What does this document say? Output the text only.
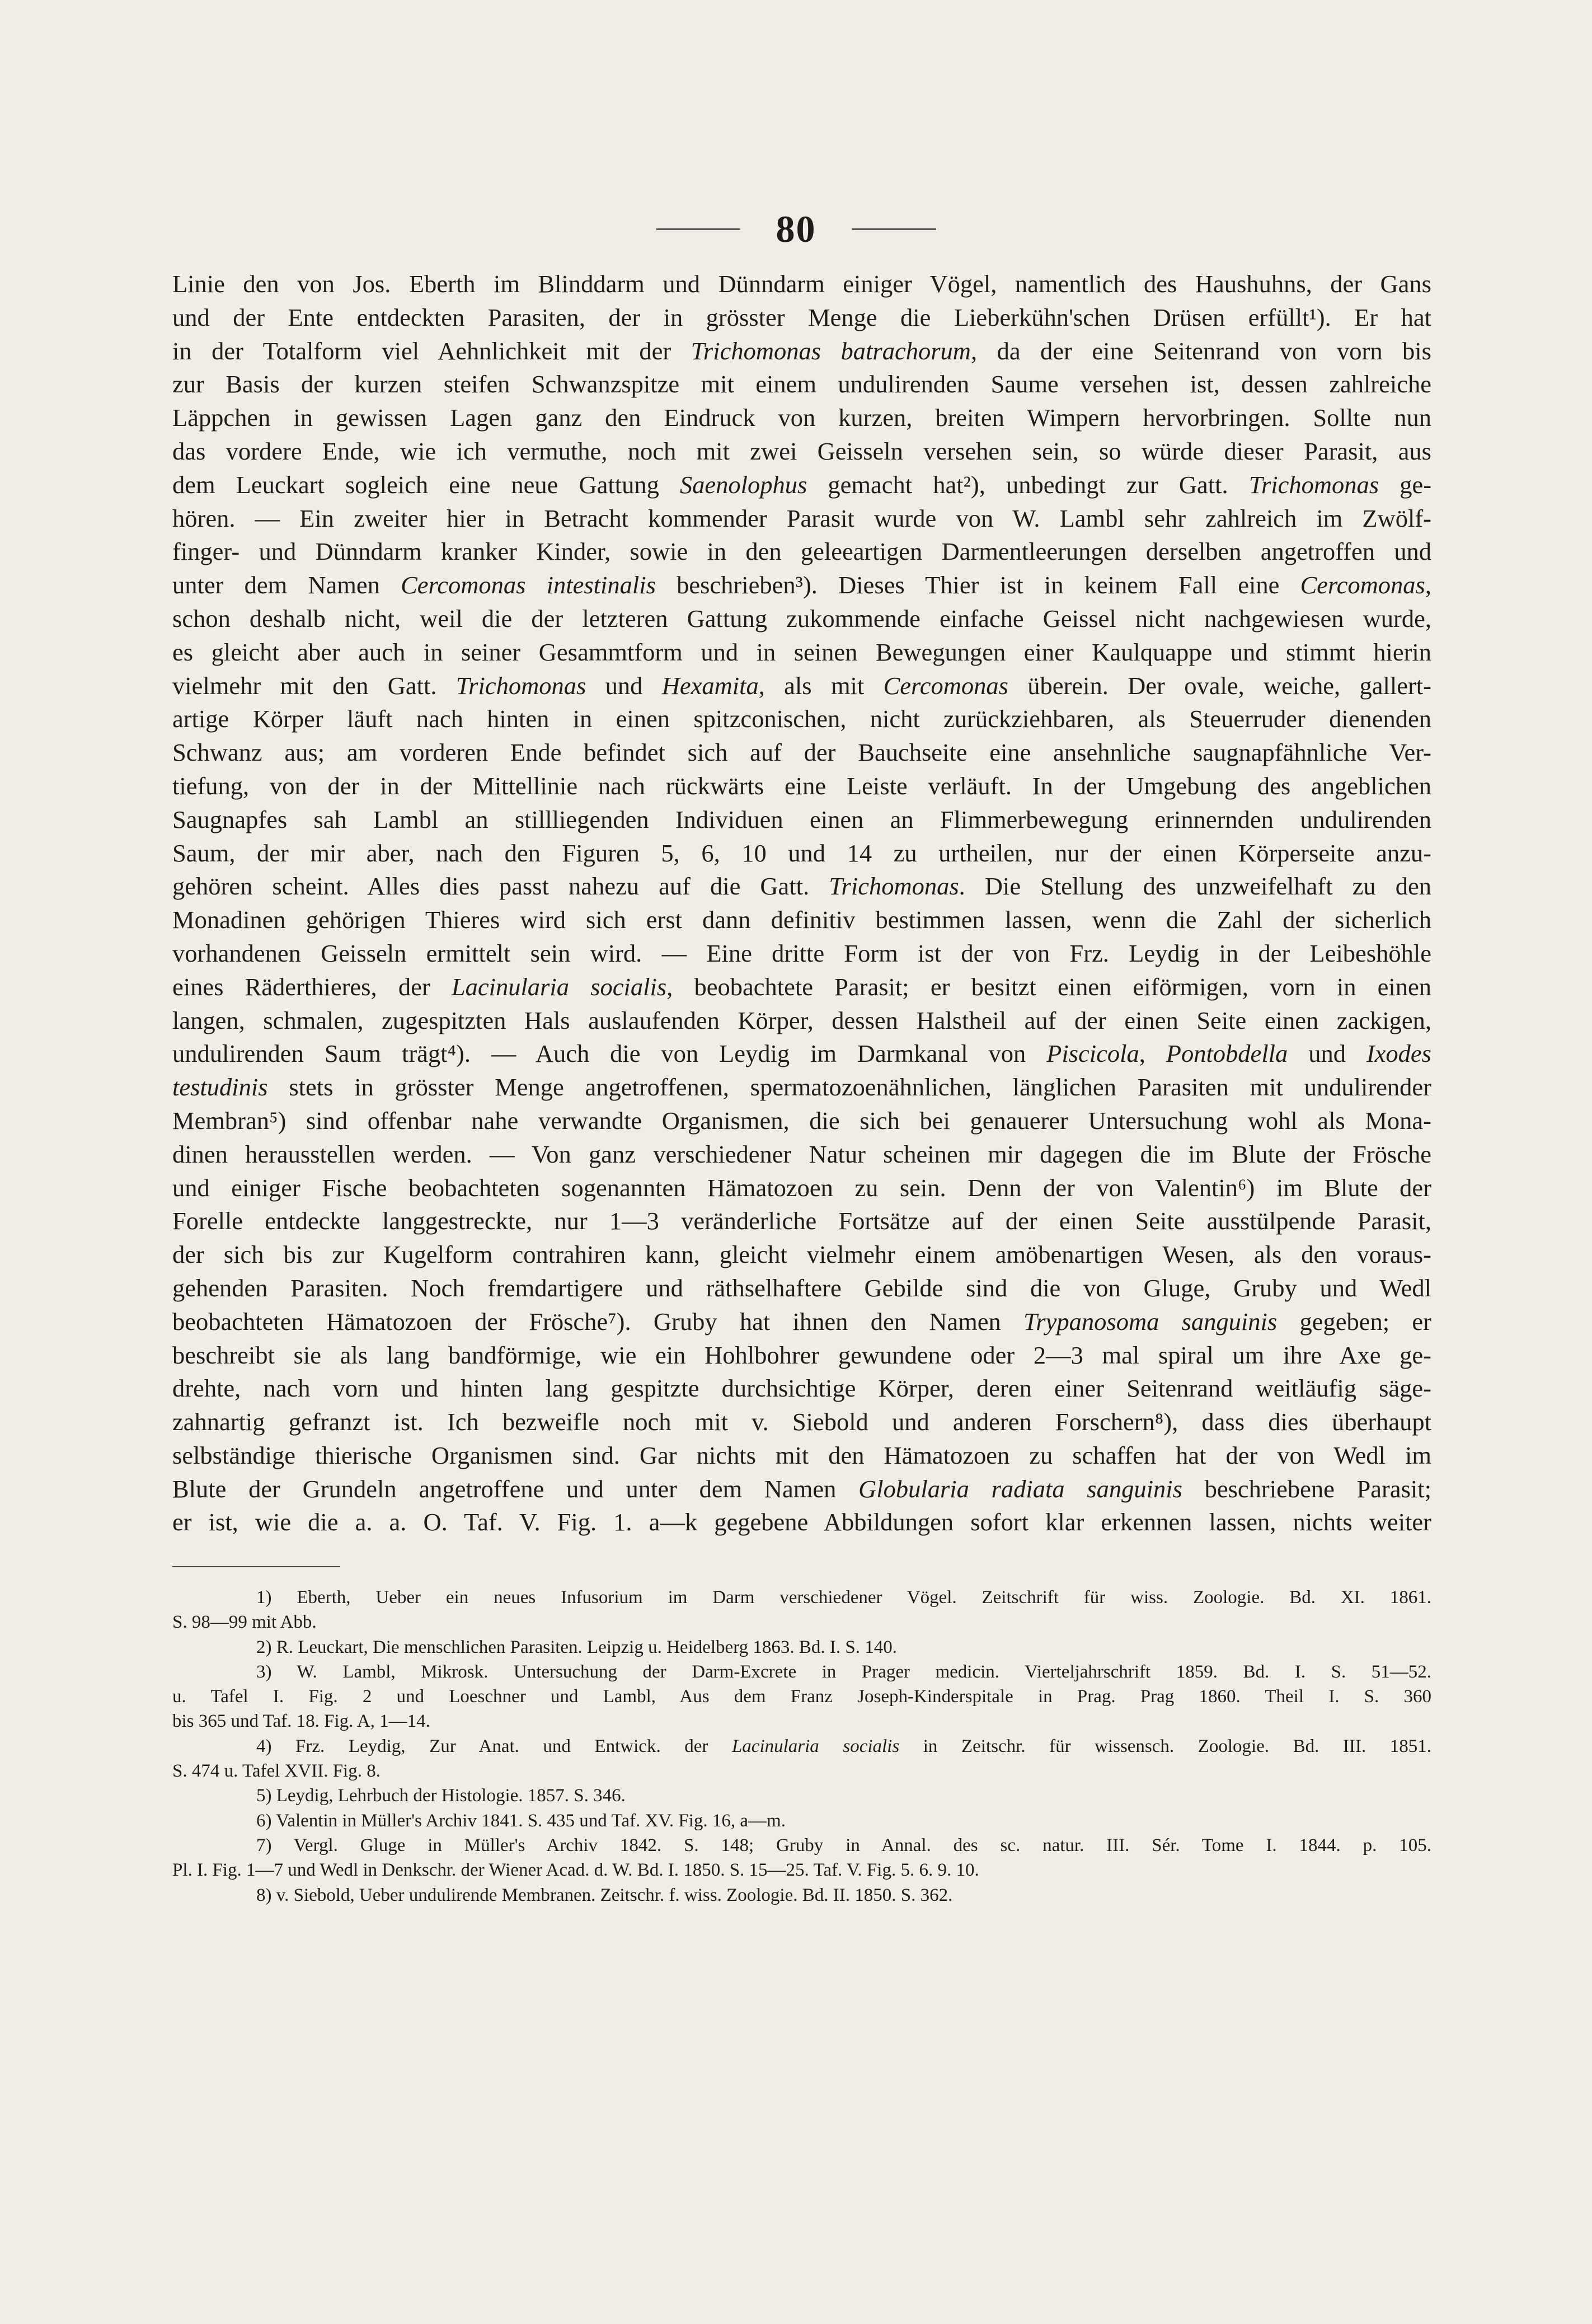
80
Linie den von Jos. Eberth im Blinddarm und Dünndarm einiger Vögel, namentlich des Haushuhns, der Gans
und der Ente entdeckten Parasiten, der in grösster Menge die Lieberkühn'schen Drüsen erfüllt¹). Er hat
in der Totalform viel Aehnlichkeit mit der Trichomonas batrachorum, da der eine Seitenrand von vorn bis
zur Basis der kurzen steifen Schwanzspitze mit einem undulirenden Saume versehen ist, dessen zahlreiche
Läppchen in gewissen Lagen ganz den Eindruck von kurzen, breiten Wimpern hervorbringen. Sollte nun
das vordere Ende, wie ich vermuthe, noch mit zwei Geisseln versehen sein, so würde dieser Parasit, aus
dem Leuckart sogleich eine neue Gattung Saenolophus gemacht hat²), unbedingt zur Gatt. Trichomonas ge-
hören. — Ein zweiter hier in Betracht kommender Parasit wurde von W. Lambl sehr zahlreich im Zwölf-
finger- und Dünndarm kranker Kinder, sowie in den geleeartigen Darmentleerungen derselben angetroffen und
unter dem Namen Cercomonas intestinalis beschrieben³). Dieses Thier ist in keinem Fall eine Cercomonas,
schon deshalb nicht, weil die der letzteren Gattung zukommende einfache Geissel nicht nachgewiesen wurde,
es gleicht aber auch in seiner Gesammtform und in seinen Bewegungen einer Kaulquappe und stimmt hierin
vielmehr mit den Gatt. Trichomonas und Hexamita, als mit Cercomonas überein. Der ovale, weiche, gallert-
artige Körper läuft nach hinten in einen spitzconischen, nicht zurückziehbaren, als Steuerruder dienenden
Schwanz aus; am vorderen Ende befindet sich auf der Bauchseite eine ansehnliche saugnapfähnliche Ver-
tiefung, von der in der Mittellinie nach rückwärts eine Leiste verläuft. In der Umgebung des angeblichen
Saugnapfes sah Lambl an stillliegenden Individuen einen an Flimmerbewegung erinnernden undulirenden
Saum, der mir aber, nach den Figuren 5, 6, 10 und 14 zu urtheilen, nur der einen Körperseite anzu-
gehören scheint. Alles dies passt nahezu auf die Gatt. Trichomonas. Die Stellung des unzweifelhaft zu den
Monadinen gehörigen Thieres wird sich erst dann definitiv bestimmen lassen, wenn die Zahl der sicherlich
vorhandenen Geisseln ermittelt sein wird. — Eine dritte Form ist der von Frz. Leydig in der Leibeshöhle
eines Räderthieres, der Lacinularia socialis, beobachtete Parasit; er besitzt einen eiförmigen, vorn in einen
langen, schmalen, zugespitzten Hals auslaufenden Körper, dessen Halstheil auf der einen Seite einen zackigen,
undulirenden Saum trägt⁴). — Auch die von Leydig im Darmkanal von Piscicola, Pontobdella und Ixodes
testudinis stets in grösster Menge angetroffenen, spermatozoenähnlichen, länglichen Parasiten mit undulirender
Membran⁵) sind offenbar nahe verwandte Organismen, die sich bei genauerer Untersuchung wohl als Mona-
dinen herausstellen werden. — Von ganz verschiedener Natur scheinen mir dagegen die im Blute der Frösche
und einiger Fische beobachteten sogenannten Hämatozoen zu sein. Denn der von Valentin⁶) im Blute der
Forelle entdeckte langgestreckte, nur 1—3 veränderliche Fortsätze auf der einen Seite ausstülpende Parasit,
der sich bis zur Kugelform contrahiren kann, gleicht vielmehr einem amöbenartigen Wesen, als den voraus-
gehenden Parasiten. Noch fremdartigere und räthselhaftere Gebilde sind die von Gluge, Gruby und Wedl
beobachteten Hämatozoen der Frösche⁷). Gruby hat ihnen den Namen Trypanosoma sanguinis gegeben; er
beschreibt sie als lang bandförmige, wie ein Hohlbohrer gewundene oder 2—3 mal spiral um ihre Axe ge-
drehte, nach vorn und hinten lang gespitzte durchsichtige Körper, deren einer Seitenrand weitläufig säge-
zahnartig gefranzt ist. Ich bezweifle noch mit v. Siebold und anderen Forschern⁸), dass dies überhaupt
selbständige thierische Organismen sind. Gar nichts mit den Hämatozoen zu schaffen hat der von Wedl im
Blute der Grundeln angetroffene und unter dem Namen Globularia radiata sanguinis beschriebene Parasit;
er ist, wie die a. a. O. Taf. V. Fig. 1. a—k gegebene Abbildungen sofort klar erkennen lassen, nichts weiter
1) Eberth, Ueber ein neues Infusorium im Darm verschiedener Vögel. Zeitschrift für wiss. Zoologie. Bd. XI. 1861.
S. 98—99 mit Abb.
2) R. Leuckart, Die menschlichen Parasiten. Leipzig u. Heidelberg 1863. Bd. I. S. 140.
3) W. Lambl, Mikrosk. Untersuchung der Darm-Excrete in Prager medicin. Vierteljahrschrift 1859. Bd. I. S. 51—52.
u. Tafel I. Fig. 2 und Loeschner und Lambl, Aus dem Franz Joseph-Kinderspitale in Prag. Prag 1860. Theil I. S. 360
bis 365 und Taf. 18. Fig. A, 1—14.
4) Frz. Leydig, Zur Anat. und Entwick. der Lacinularia socialis in Zeitschr. für wissensch. Zoologie. Bd. III. 1851.
S. 474 u. Tafel XVII. Fig. 8.
5) Leydig, Lehrbuch der Histologie. 1857. S. 346.
6) Valentin in Müller's Archiv 1841. S. 435 und Taf. XV. Fig. 16, a—m.
7) Vergl. Gluge in Müller's Archiv 1842. S. 148; Gruby in Annal. des sc. natur. III. Sér. Tome I. 1844. p. 105.
Pl. I. Fig. 1—7 und Wedl in Denkschr. der Wiener Acad. d. W. Bd. I. 1850. S. 15—25. Taf. V. Fig. 5. 6. 9. 10.
8) v. Siebold, Ueber undulirende Membranen. Zeitschr. f. wiss. Zoologie. Bd. II. 1850. S. 362.
